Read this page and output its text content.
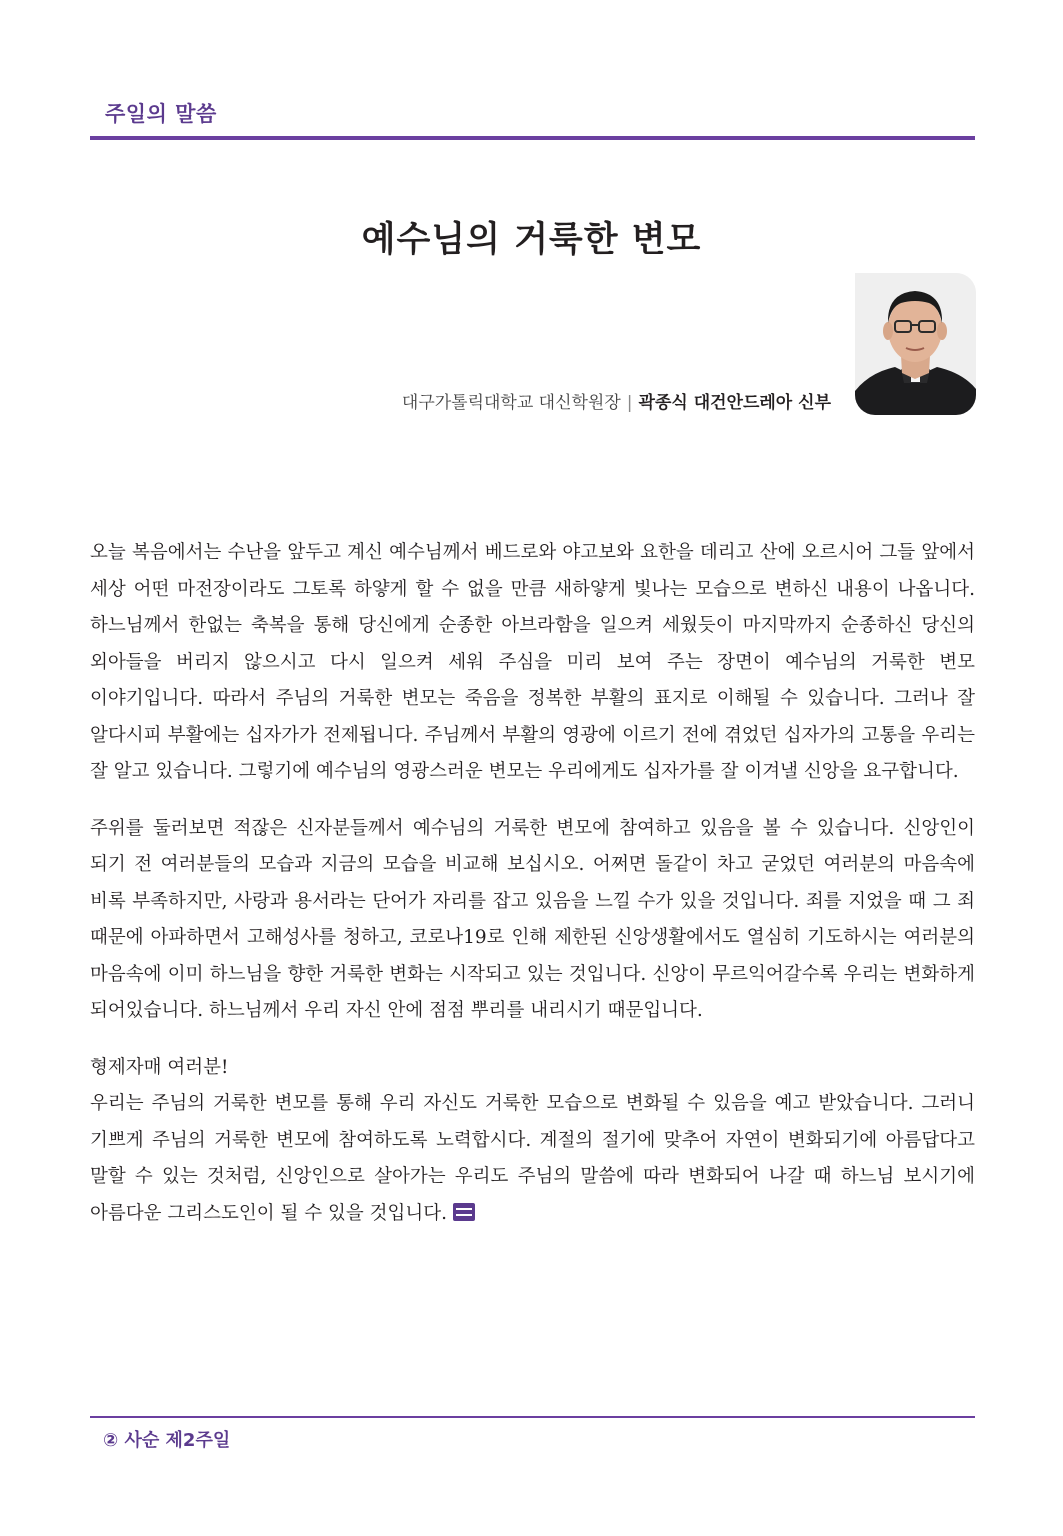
주일의 말씀
예수님의 거룩한 변모
대구가톨릭대학교 대신학원장 | 곽종식 대건안드레아 신부

오늘 복음에서는 수난을 앞두고 계신 예수님께서 베드로와 야고보와 요한을 데리고 산에 오르시어 그들 앞에서 세상 어떤 마전장이라도 그토록 하얗게 할 수 없을 만큼 새하얗게 빛나는 모습으로 변하신 내용이 나옵니다. 하느님께서 한없는 축복을 통해 당신에게 순종한 아브라함을 일으켜 세웠듯이 마지막까지 순종하신 당신의 외아들을 버리지 않으시고 다시 일으켜 세워 주심을 미리 보여 주는 장면이 예수님의 거룩한 변모 이야기입니다. 따라서 주님의 거룩한 변모는 죽음을 정복한 부활의 표지로 이해될 수 있습니다. 그러나 잘 알다시피 부활에는 십자가가 전제됩니다. 주님께서 부활의 영광에 이르기 전에 겪었던 십자가의 고통을 우리는 잘 알고 있습니다. 그렇기에 예수님의 영광스러운 변모는 우리에게도 십자가를 잘 이겨낼 신앙을 요구합니다.

주위를 둘러보면 적잖은 신자분들께서 예수님의 거룩한 변모에 참여하고 있음을 볼 수 있습니다. 신앙인이 되기 전 여러분들의 모습과 지금의 모습을 비교해 보십시오. 어쩌면 돌같이 차고 굳었던 여러분의 마음속에 비록 부족하지만, 사랑과 용서라는 단어가 자리를 잡고 있음을 느낄 수가 있을 것입니다. 죄를 지었을 때 그 죄 때문에 아파하면서 고해성사를 청하고, 코로나19로 인해 제한된 신앙생활에서도 열심히 기도하시는 여러분의 마음속에 이미 하느님을 향한 거룩한 변화는 시작되고 있는 것입니다. 신앙이 무르익어갈수록 우리는 변화하게 되어있습니다. 하느님께서 우리 자신 안에 점점 뿌리를 내리시기 때문입니다.

형제자매 여러분!

우리는 주님의 거룩한 변모를 통해 우리 자신도 거룩한 모습으로 변화될 수 있음을 예고 받았습니다. 그러니 기쁘게 주님의 거룩한 변모에 참여하도록 노력합시다. 계절의 절기에 맞추어 자연이 변화되기에 아름답다고 말할 수 있는 것처럼, 신앙인으로 살아가는 우리도 주님의 말씀에 따라 변화되어 나갈 때 하느님 보시기에 아름다운 그리스도인이 될 수 있을 것입니다.

② 사순 제2주일
